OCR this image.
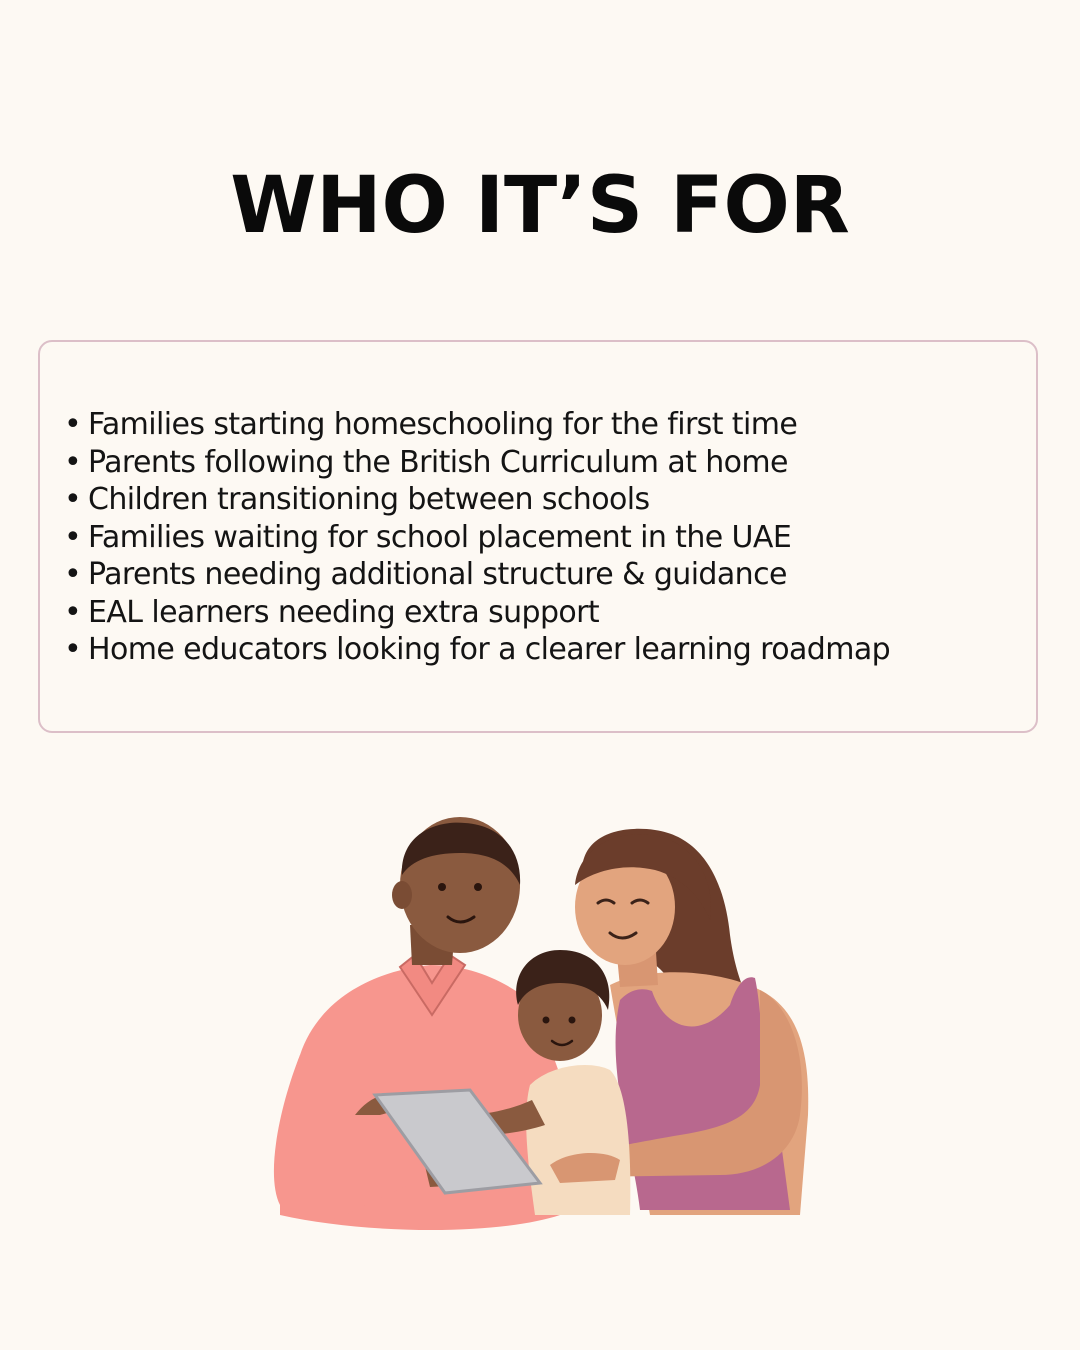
WHO IT’S FOR
• Families starting homeschooling for the first time
• Parents following the British Curriculum at home
• Children transitioning between schools
• Families waiting for school placement in the UAE
• Parents needing additional structure & guidance
• EAL learners needing extra support
• Home educators looking for a clearer learning roadmap
